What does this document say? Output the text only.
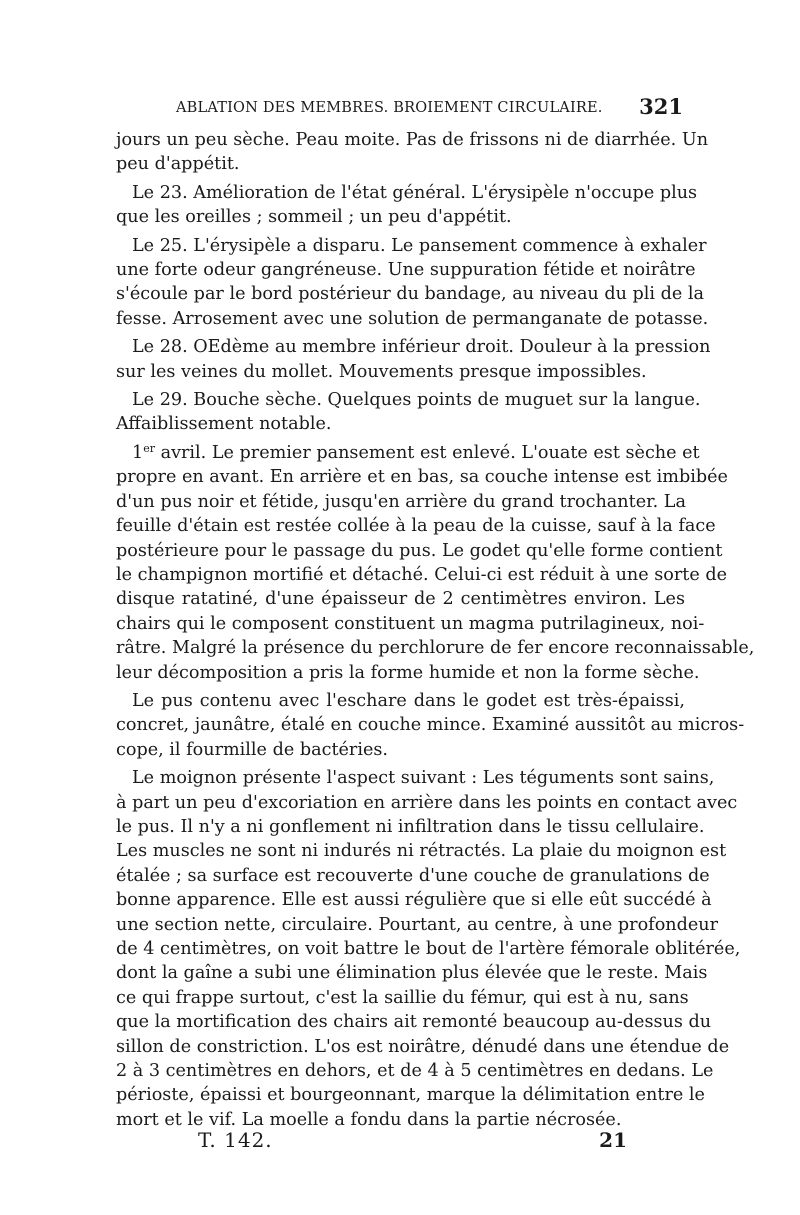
ABLATION DES MEMBRES. BROIEMENT CIRCULAIRE. 321
jours un peu sèche. Peau moite. Pas de frissons ni de diarrhée. Un
peu d'appétit.
Le 23. Amélioration de l'état général. L'érysipèle n'occupe plus
que les oreilles ; sommeil ; un peu d'appétit.
Le 25. L'érysipèle a disparu. Le pansement commence à exhaler
une forte odeur gangréneuse. Une suppuration fétide et noirâtre
s'écoule par le bord postérieur du bandage, au niveau du pli de la
fesse. Arrosement avec une solution de permanganate de potasse.
Le 28. OEdème au membre inférieur droit. Douleur à la pression
sur les veines du mollet. Mouvements presque impossibles.
Le 29. Bouche sèche. Quelques points de muguet sur la langue.
Affaiblissement notable.
1er avril. Le premier pansement est enlevé. L'ouate est sèche et
propre en avant. En arrière et en bas, sa couche intense est imbibée
d'un pus noir et fétide, jusqu'en arrière du grand trochanter. La
feuille d'étain est restée collée à la peau de la cuisse, sauf à la face
postérieure pour le passage du pus. Le godet qu'elle forme contient
le champignon mortifié et détaché. Celui-ci est réduit à une sorte de
disque ratatiné, d'une épaisseur de 2 centimètres environ. Les
chairs qui le composent constituent un magma putrilagineux, noi-
râtre. Malgré la présence du perchlorure de fer encore reconnaissable,
leur décomposition a pris la forme humide et non la forme sèche.
Le pus contenu avec l'eschare dans le godet est très-épaissi,
concret, jaunâtre, étalé en couche mince. Examiné aussitôt au micros-
cope, il fourmille de bactéries.
Le moignon présente l'aspect suivant : Les téguments sont sains,
à part un peu d'excoriation en arrière dans les points en contact avec
le pus. Il n'y a ni gonflement ni infiltration dans le tissu cellulaire.
Les muscles ne sont ni indurés ni rétractés. La plaie du moignon est
étalée ; sa surface est recouverte d'une couche de granulations de
bonne apparence. Elle est aussi régulière que si elle eût succédé à
une section nette, circulaire. Pourtant, au centre, à une profondeur
de 4 centimètres, on voit battre le bout de l'artère fémorale oblitérée,
dont la gaîne a subi une élimination plus élevée que le reste. Mais
ce qui frappe surtout, c'est la saillie du fémur, qui est à nu, sans
que la mortification des chairs ait remonté beaucoup au-dessus du
sillon de constriction. L'os est noirâtre, dénudé dans une étendue de
2 à 3 centimètres en dehors, et de 4 à 5 centimètres en dedans. Le
périoste, épaissi et bourgeonnant, marque la délimitation entre le
mort et le vif. La moelle a fondu dans la partie nécrosée.
T. 142.	21
